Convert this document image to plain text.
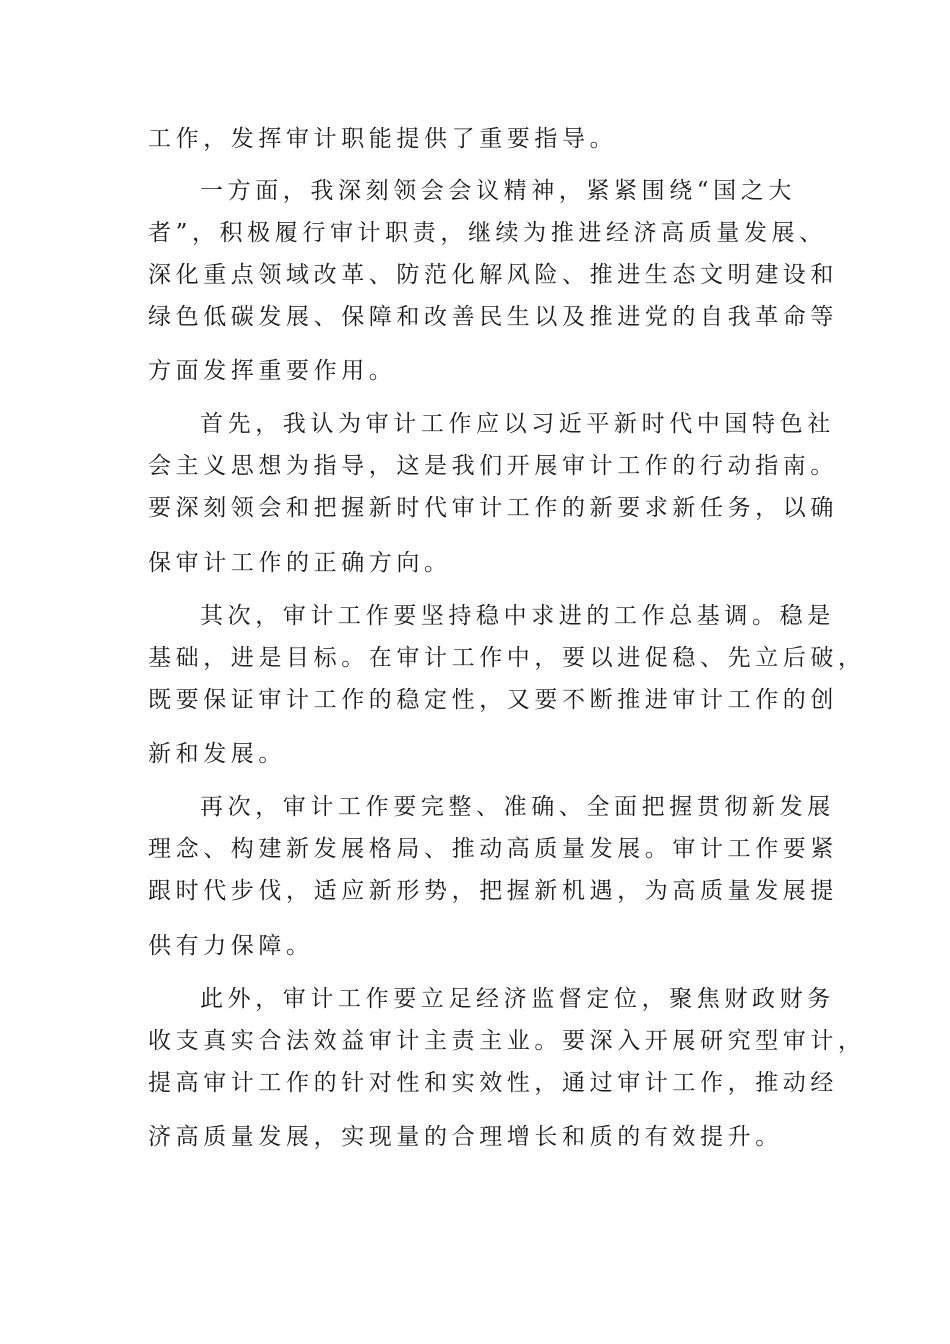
工作，发挥审计职能提供了重要指导。
一方面，我深刻领会会议精神，紧紧围绕“国之大
者”，积极履行审计职责，继续为推进经济高质量发展、
深化重点领域改革、防范化解风险、推进生态文明建设和
绿色低碳发展、保障和改善民生以及推进党的自我革命等
方面发挥重要作用。
首先，我认为审计工作应以习近平新时代中国特色社
会主义思想为指导，这是我们开展审计工作的行动指南。
要深刻领会和把握新时代审计工作的新要求新任务，以确
保审计工作的正确方向。
其次，审计工作要坚持稳中求进的工作总基调。稳是
基础，进是目标。在审计工作中，要以进促稳、先立后破，
既要保证审计工作的稳定性，又要不断推进审计工作的创
新和发展。
再次，审计工作要完整、准确、全面把握贯彻新发展
理念、构建新发展格局、推动高质量发展。审计工作要紧
跟时代步伐，适应新形势，把握新机遇，为高质量发展提
供有力保障。
此外，审计工作要立足经济监督定位，聚焦财政财务
收支真实合法效益审计主责主业。要深入开展研究型审计，
提高审计工作的针对性和实效性，通过审计工作，推动经
济高质量发展，实现量的合理增长和质的有效提升。
